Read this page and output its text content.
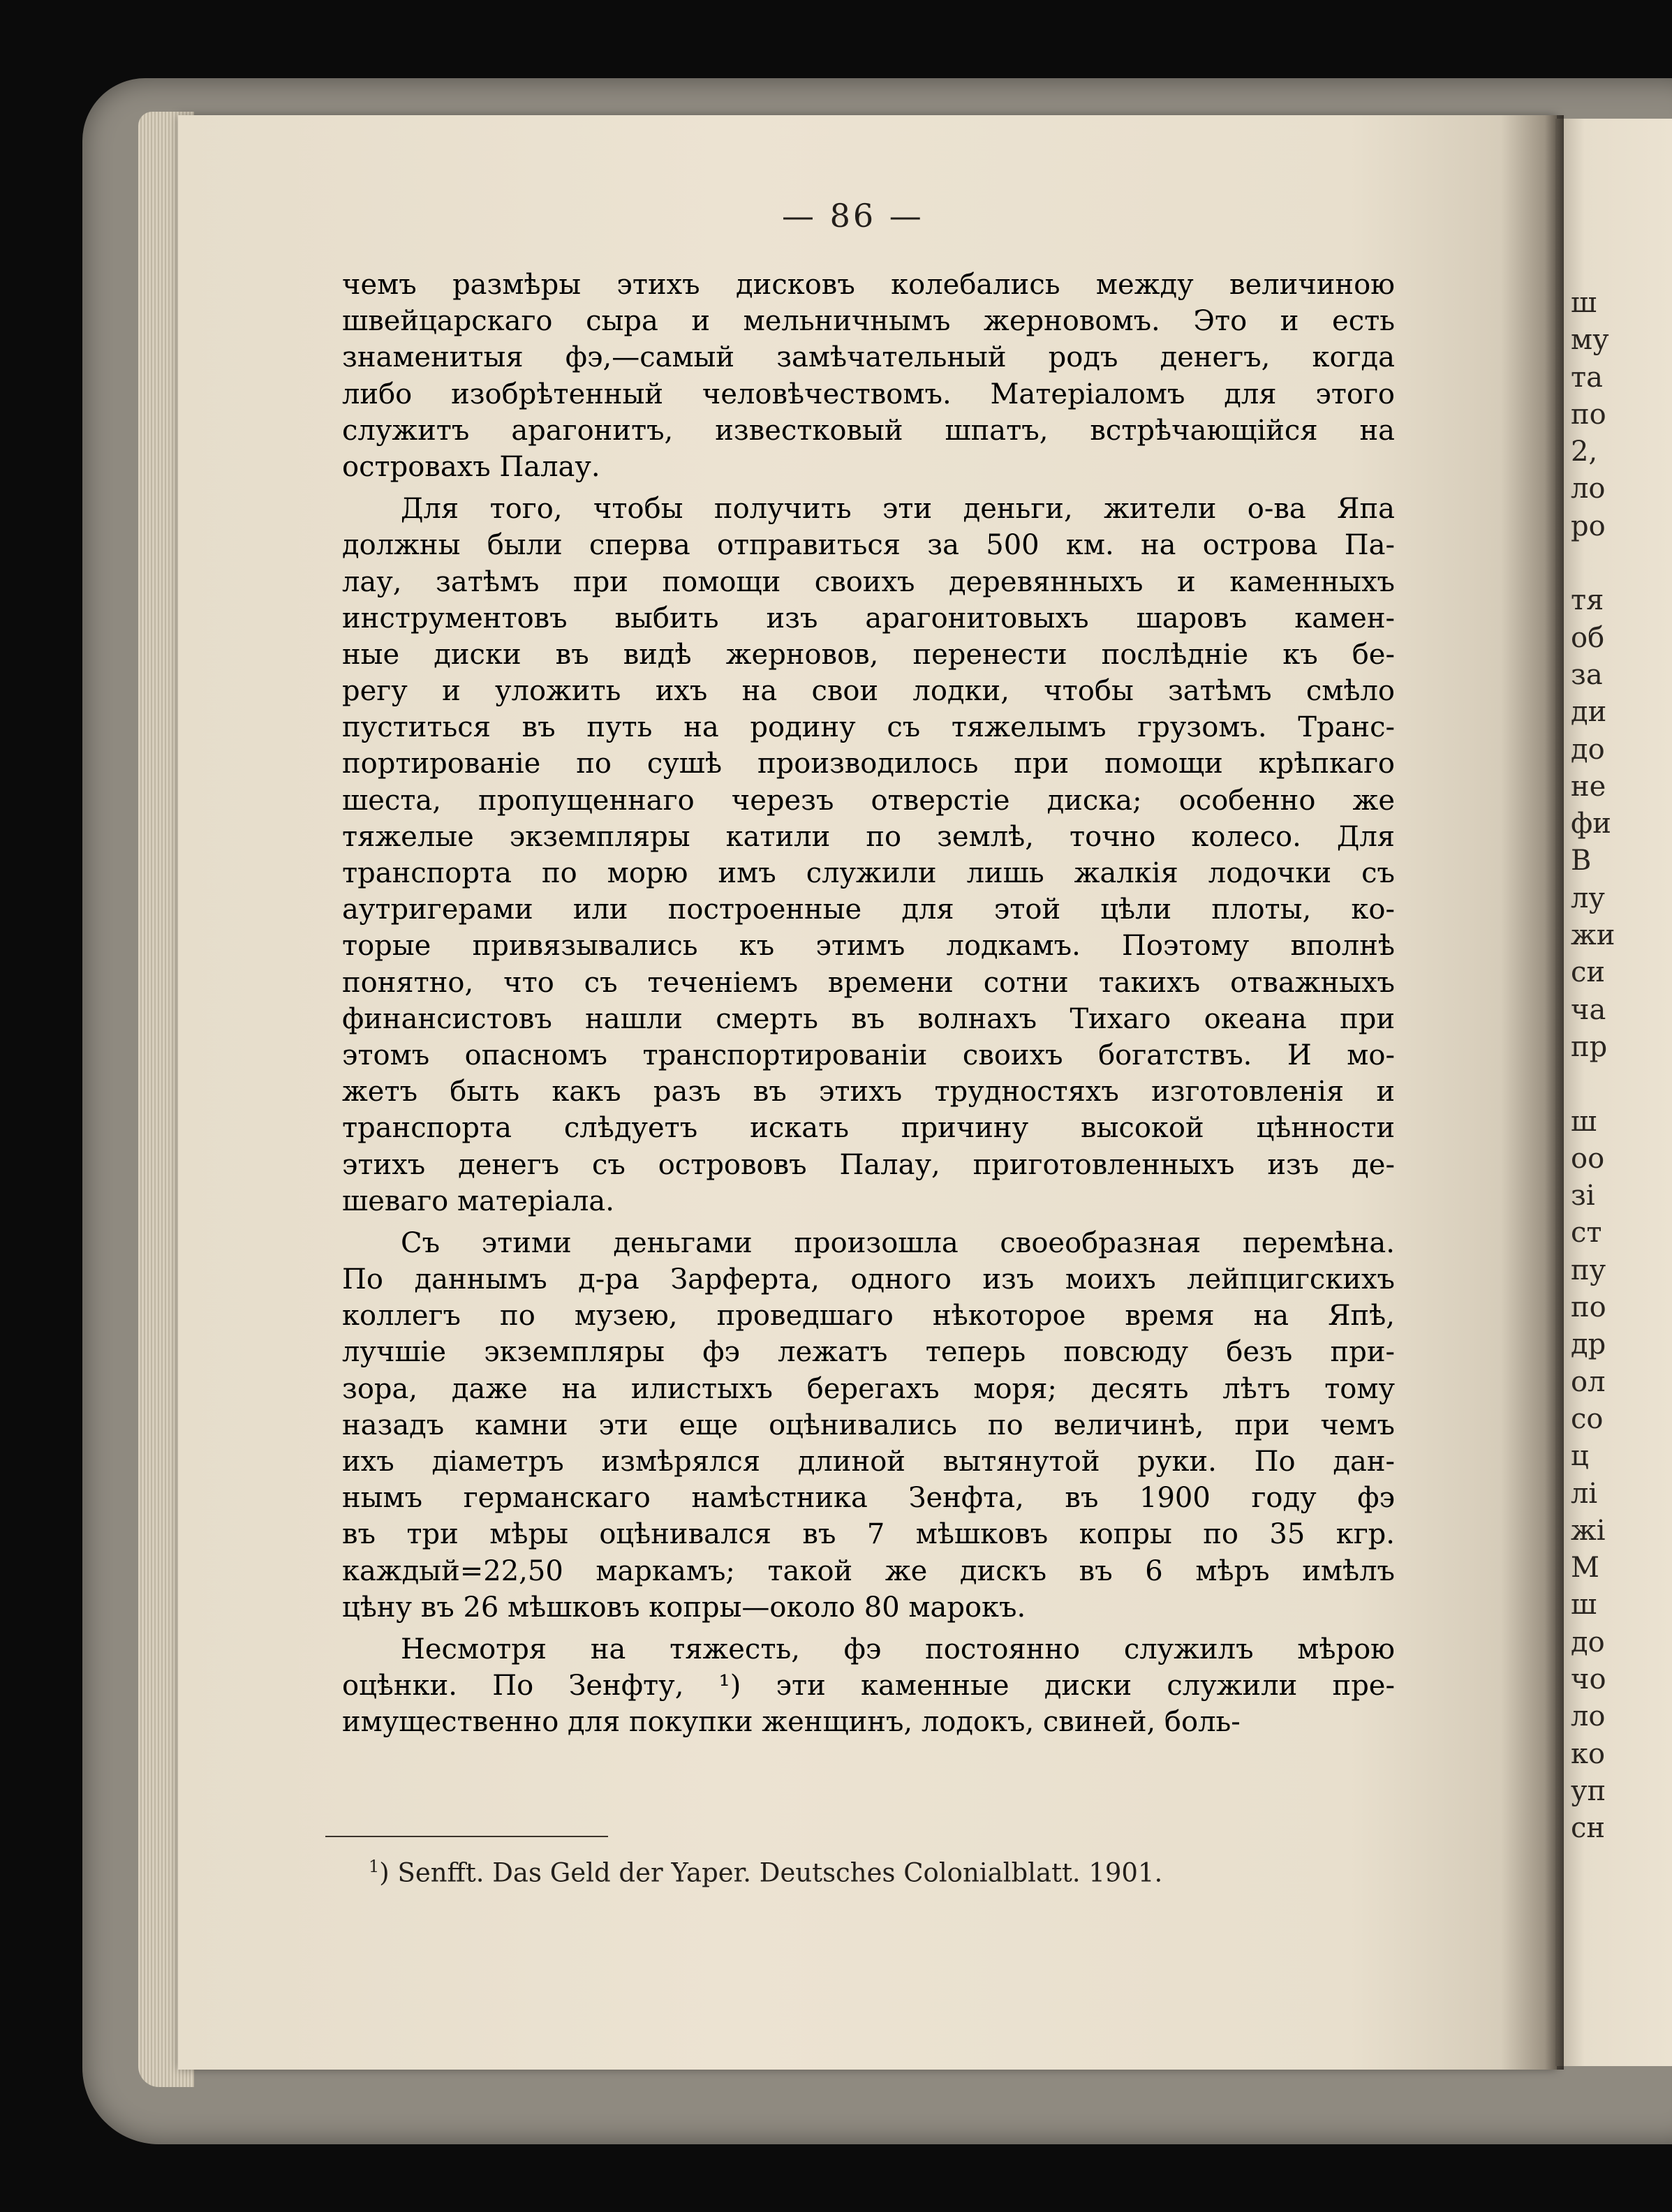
ш
му
та
по
2,
ло
ро
тя
об
за
ди
до
не
фи
В
лу
жи
си
ча
пр
ш
оо
зі
ст
пу
по
др
ол
со
ц
лі
жі
М
ш
до
чо
ло
ко
уп
сн
— 86 —
чемъ размѣры этихъ дисковъ колебались между величиною
швейцарскаго сыра и мельничнымъ жерновомъ. Это и есть
знаменитыя фэ,—самый замѣчательный родъ денегъ, когда
либо изобрѣтенный человѣчествомъ. Матеріаломъ для этого
служитъ арагонитъ, известковый шпатъ, встрѣчающійся на
островахъ Палау.
Для того, чтобы получить эти деньги, жители о-ва Япа
должны были сперва отправиться за 500 км. на острова Па-
лау, затѣмъ при помощи своихъ деревянныхъ и каменныхъ
инструментовъ выбить изъ арагонитовыхъ шаровъ камен-
ные диски въ видѣ жерновов, перенести послѣдніе къ бе-
регу и уложить ихъ на свои лодки, чтобы затѣмъ смѣло
пуститься въ путь на родину съ тяжелымъ грузомъ. Транс-
портированіе по сушѣ производилось при помощи крѣпкаго
шеста, пропущеннаго черезъ отверстіе диска; особенно же
тяжелые экземпляры катили по землѣ, точно колесо. Для
транспорта по морю имъ служили лишь жалкія лодочки съ
аутригерами или построенные для этой цѣли плоты, ко-
торые привязывались къ этимъ лодкамъ. Поэтому вполнѣ
понятно, что съ теченіемъ времени сотни такихъ отважныхъ
финансистовъ нашли смерть въ волнахъ Тихаго океана при
этомъ опасномъ транспортированіи своихъ богатствъ. И мо-
жетъ быть какъ разъ въ этихъ трудностяхъ изготовленія и
транспорта слѣдуетъ искать причину высокой цѣнности
этихъ денегъ съ острововъ Палау, приготовленныхъ изъ де-
шеваго матеріала.
Съ этими деньгами произошла своеобразная перемѣна.
По даннымъ д-ра Зарферта, одного изъ моихъ лейпцигскихъ
коллегъ по музею, проведшаго нѣкоторое время на Япѣ,
лучшіе экземпляры фэ лежатъ теперь повсюду безъ при-
зора, даже на илистыхъ берегахъ моря; десять лѣтъ тому
назадъ камни эти еще оцѣнивались по величинѣ, при чемъ
ихъ діаметръ измѣрялся длиной вытянутой руки. По дан-
нымъ германскаго намѣстника Зенфта, въ 1900 году фэ
въ три мѣры оцѣнивался въ 7 мѣшковъ копры по 35 кгр.
каждый=22,50 маркамъ; такой же дискъ въ 6 мѣръ имѣлъ
цѣну въ 26 мѣшковъ копры—около 80 марокъ.
Несмотря на тяжесть, фэ постоянно служилъ мѣрою
оцѣнки. По Зенфту, ¹) эти каменные диски служили пре-
имущественно для покупки женщинъ, лодокъ, свиней, боль-
$^1$) Senfft. Das Geld der Yaper. Deutsches Colonialblatt. 1901.
